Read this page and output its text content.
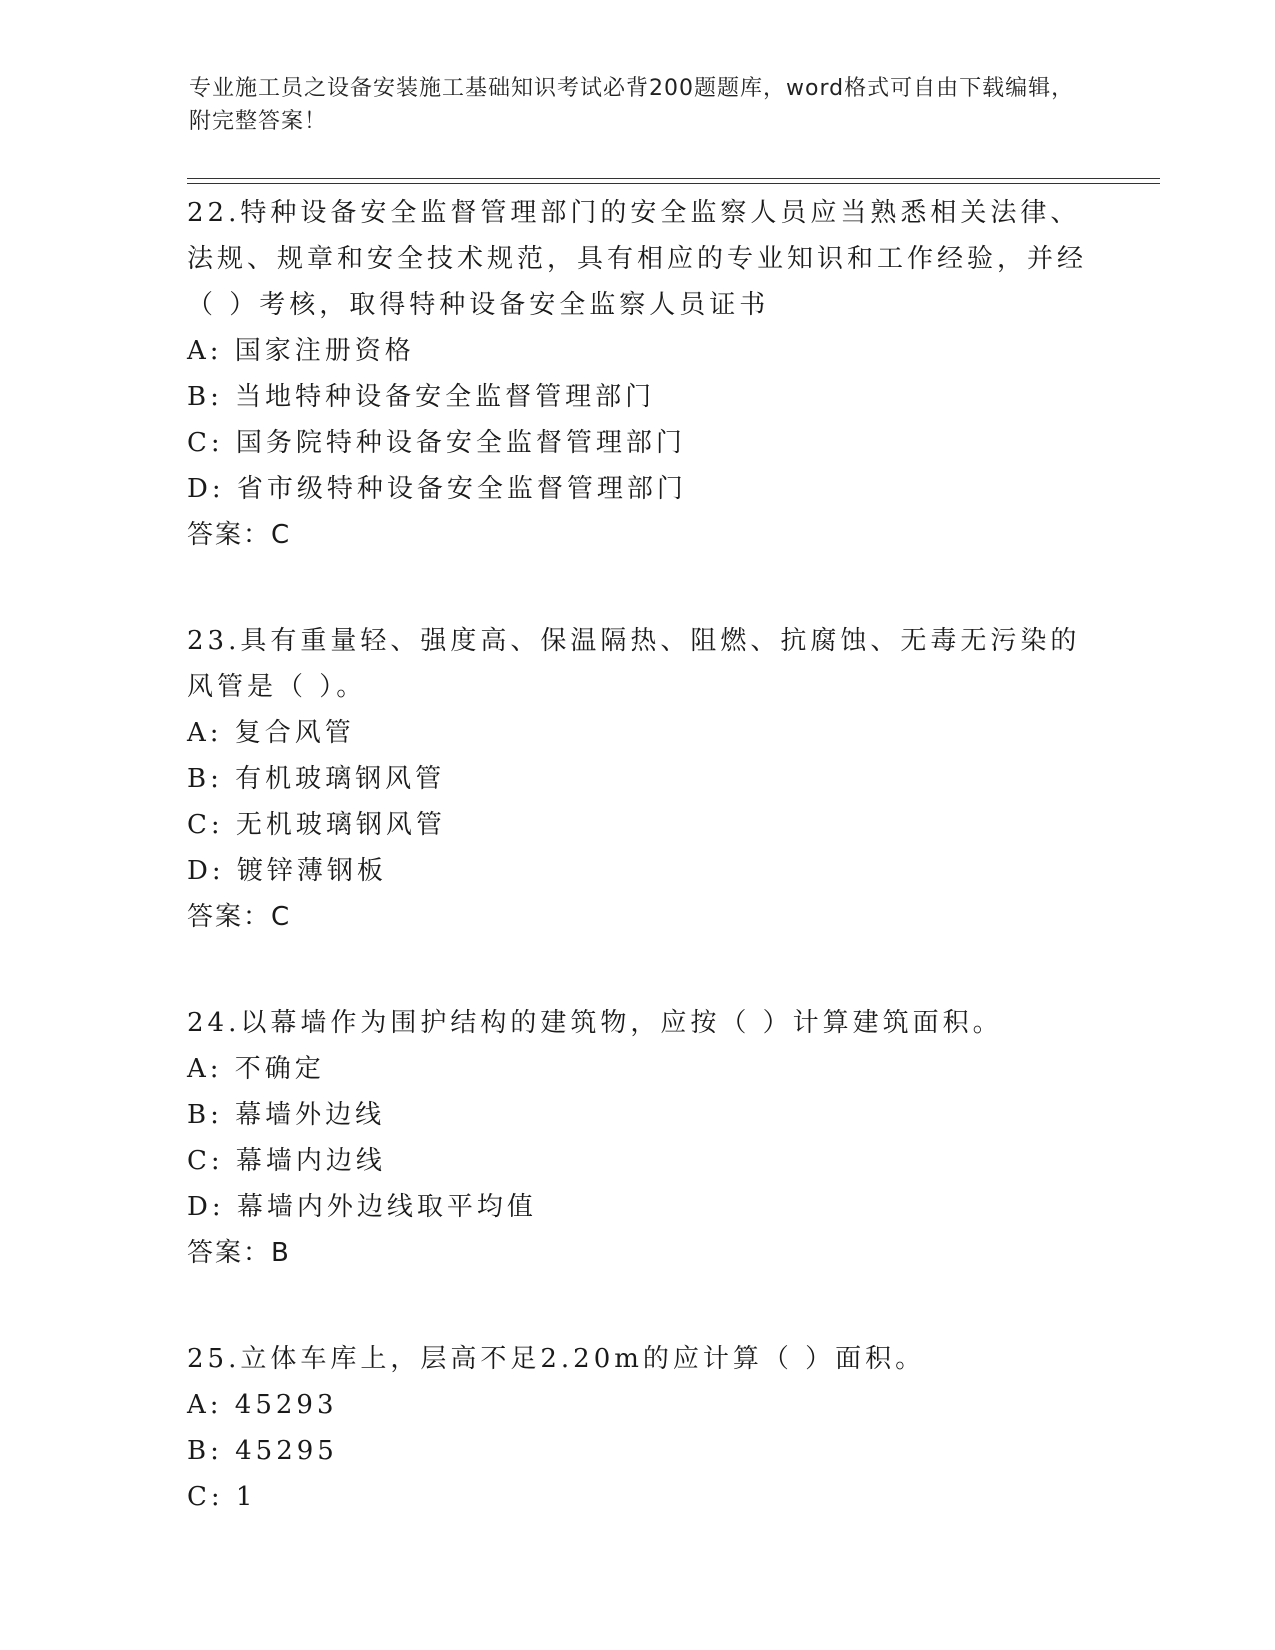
专业施工员之设备安装施工基础知识考试必背200题题库，word格式可自由下载编辑，附完整答案！

22.特种设备安全监督管理部门的安全监察人员应当熟悉相关法律、法规、规章和安全技术规范，具有相应的专业知识和工作经验，并经（ ）考核，取得特种设备安全监察人员证书

A: 国家注册资格

B: 当地特种设备安全监督管理部门

C: 国务院特种设备安全监督管理部门

D: 省市级特种设备安全监督管理部门

答案：C

23.具有重量轻、强度高、保温隔热、阻燃、抗腐蚀、无毒无污染的风管是（ ）。

A: 复合风管

B: 有机玻璃钢风管

C: 无机玻璃钢风管

D: 镀锌薄钢板

答案：C

24.以幕墙作为围护结构的建筑物，应按（ ）计算建筑面积。

A: 不确定

B: 幕墙外边线

C: 幕墙内边线

D: 幕墙内外边线取平均值

答案：B

25.立体车库上，层高不足2.20m的应计算（ ）面积。

A: 45293

B: 45295

C: 1
